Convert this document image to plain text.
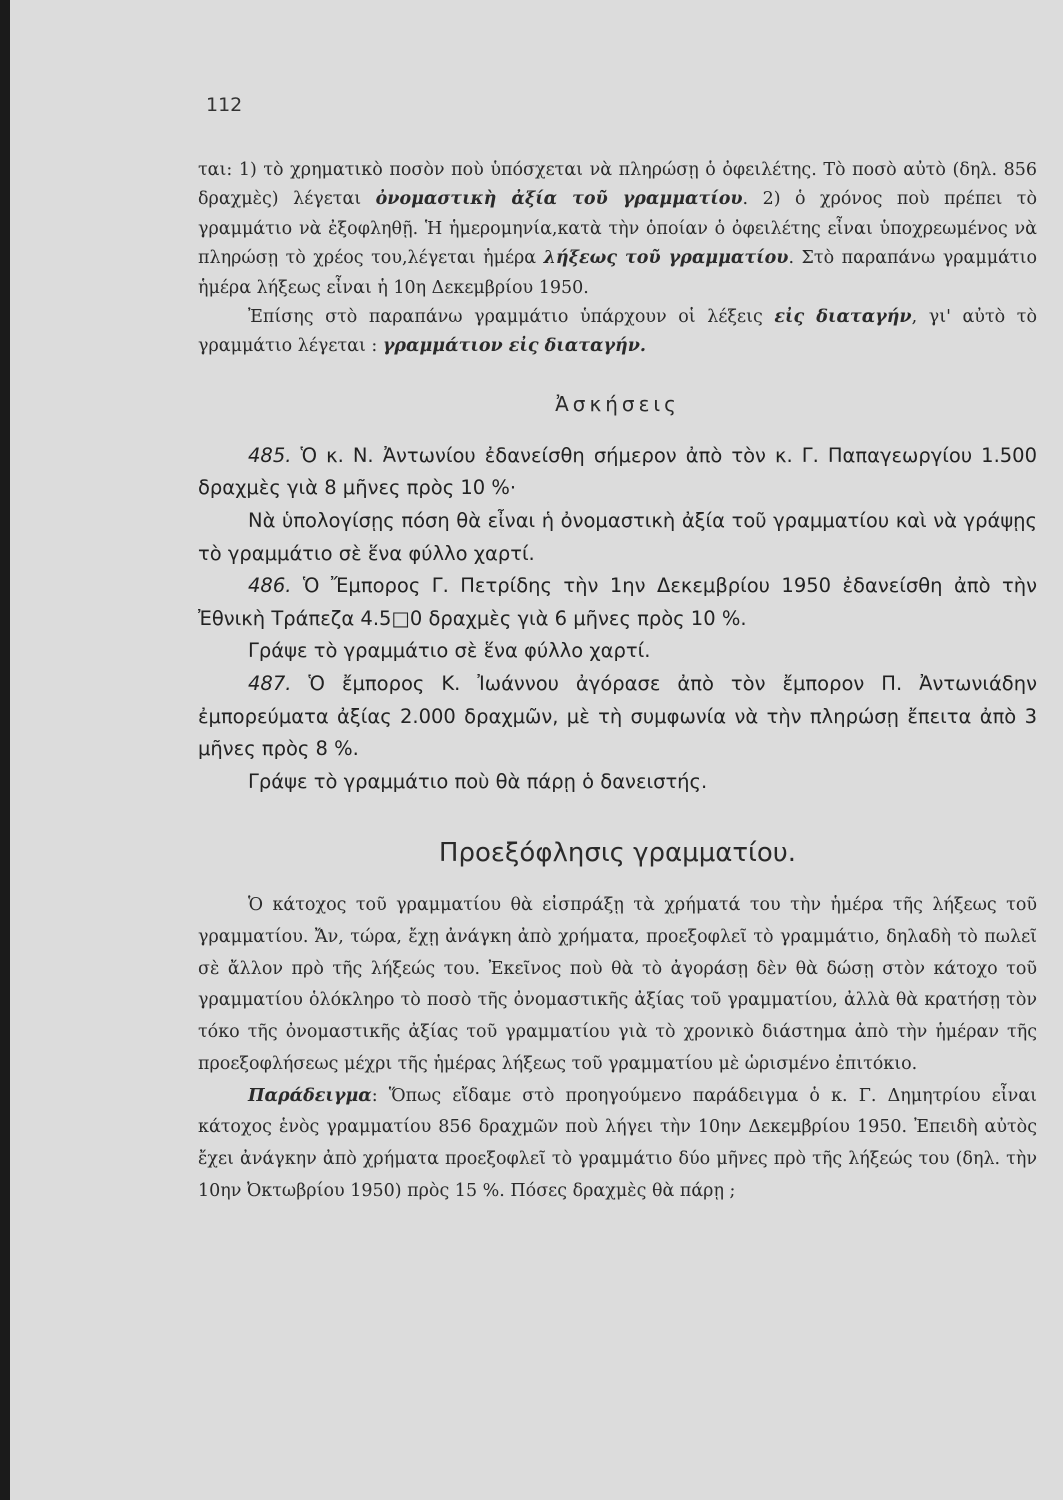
112

ται: 1) τὸ χρηματικὸ ποσὸν ποὺ ὑπόσχεται νὰ πληρώσῃ ὁ ὀφειλέτης. Τὸ ποσὸ αὐτὸ (δηλ. 856 δραχμὲς) λέγεται ὀνομαστικὴ ἀξία τοῦ γραμματίου. 2) ὁ χρόνος ποὺ πρέπει τὸ γραμμάτιο νὰ ἐξοφληθῇ. Ἡ ἡμερομηνία,κατὰ τὴν ὁποίαν ὁ ὀφειλέτης εἶναι ὑποχρεωμένος νὰ πληρώσῃ τὸ χρέος του,λέγεται ἡμέρα λήξεως τοῦ γραμματίου. Στὸ παραπάνω γραμμάτιο ἡμέρα λήξεως εἶναι ἡ 10η Δεκεμβρίου 1950.

Ἐπίσης στὸ παραπάνω γραμμάτιο ὑπάρχουν οἱ λέξεις εἰς διαταγήν, γι' αὐτὸ τὸ γραμμάτιο λέγεται : γραμμάτιον εἰς διαταγήν.

Ἀσκήσεις

485. Ὁ κ. Ν. Ἀντωνίου ἐδανείσθη σήμερον ἀπὸ τὸν κ. Γ. Παπαγεωργίου 1.500 δραχμὲς γιὰ 8 μῆνες πρὸς 10 %·

Νὰ ὑπολογίσῃς πόση θὰ εἶναι ἡ ὀνομαστικὴ ἀξία τοῦ γραμματίου καὶ νὰ γράψῃς τὸ γραμμάτιο σὲ ἕνα φύλλο χαρτί.

486. Ὁ Ἔμπορος Γ. Πετρίδης τὴν 1ην Δεκεμβρίου 1950 ἐδανείσθη ἀπὸ τὴν Ἐθνικὴ Τράπεζα 4.5□0 δραχμὲς γιὰ 6 μῆνες πρὸς 10 %.

Γράψε τὸ γραμμάτιο σὲ ἕνα φύλλο χαρτί.

487. Ὁ ἔμπορος Κ. Ἰωάννου ἀγόρασε ἀπὸ τὸν ἔμπορον Π. Ἀντωνιάδην ἐμπορεύματα ἀξίας 2.000 δραχμῶν, μὲ τὴ συμφωνία νὰ τὴν πληρώσῃ ἔπειτα ἀπὸ 3 μῆνες πρὸς 8 %.

Γράψε τὸ γραμμάτιο ποὺ θὰ πάρῃ ὁ δανειστής.

Προεξόφλησις γραμματίου.

Ὁ κάτοχος τοῦ γραμματίου θὰ εἰσπράξῃ τὰ χρήματά του τὴν ἡμέρα τῆς λήξεως τοῦ γραμματίου. Ἄν, τώρα, ἔχῃ ἀνάγκη ἀπὸ χρήματα, προεξοφλεῖ τὸ γραμμάτιο, δηλαδὴ τὸ πωλεῖ σὲ ἄλλον πρὸ τῆς λήξεώς του. Ἐκεῖνος ποὺ θὰ τὸ ἀγοράσῃ δὲν θὰ δώσῃ στὸν κάτοχο τοῦ γραμματίου ὁλόκληρο τὸ ποσὸ τῆς ὀνομαστικῆς ἀξίας τοῦ γραμματίου, ἀλλὰ θὰ κρατήσῃ τὸν τόκο τῆς ὀνομαστικῆς ἀξίας τοῦ γραμματίου γιὰ τὸ χρονικὸ διάστημα ἀπὸ τὴν ἡμέραν τῆς προεξοφλήσεως μέχρι τῆς ἡμέρας λήξεως τοῦ γραμματίου μὲ ὡρισμένο ἐπιτόκιο.

Παράδειγμα: Ὅπως εἴδαμε στὸ προηγούμενο παράδειγμα ὁ κ. Γ. Δημητρίου εἶναι κάτοχος ἑνὸς γραμματίου 856 δραχμῶν ποὺ λήγει τὴν 10ην Δεκεμβρίου 1950. Ἐπειδὴ αὐτὸς ἔχει ἀνάγκην ἀπὸ χρήματα προεξοφλεῖ τὸ γραμμάτιο δύο μῆνες πρὸ τῆς λήξεώς του (δηλ. τὴν 10ην Ὀκτωβρίου 1950) πρὸς 15 %. Πόσες δραχμὲς θὰ πάρῃ ;
